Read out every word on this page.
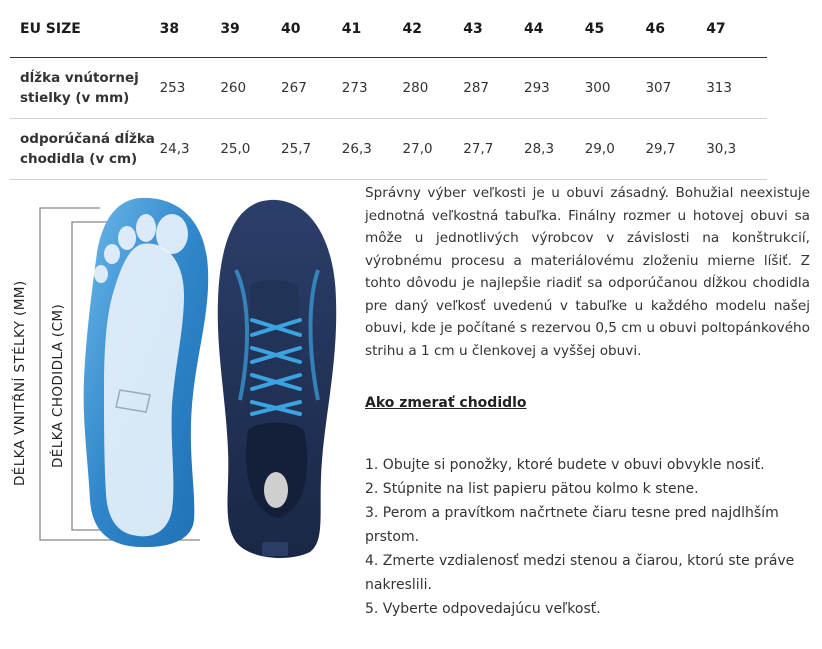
EU SIZE	38	39	40	41	42	43	44	45	46	47
dĺžka vnútornej
stielky (v mm)	253	260	267	273	280	287	293	300	307	313
odporúčaná dĺžka
chodidla (v cm)	24,3	25,0	25,7	26,3	27,0	27,7	28,3	29,0	29,7	30,3
DÉLKA VNITŘNÍ STÉLKY (MM) DÉLKA CHODIDLA (CM)

Správny výber veľkosti je u obuvi zásadný. Bohužial neexistuje jednotná veľkostná tabuľka. Finálny rozmer u hotovej obuvi sa môže u jednotlivých výrobcov v závislosti na konštrukcií, výrobnému procesu a materiálovému zloženiu mierne líšiť. Z tohto dôvodu je najlepšie riadiť sa odporúčanou dĺžkou chodidla pre daný veľkosť uvedenú v tabuľke u každého modelu našej obuvi, kde je počítané s rezervou 0,5 cm u obuvi poltopánkového strihu a 1 cm u členkovej a vyššej obuvi.

Ako zmerať chodidlo

1. Obujte si ponožky, ktoré budete v obuvi obvykle nosiť.
2. Stúpnite na list papieru pätou kolmo k stene.
3. Perom a pravítkom načrtnete čiaru tesne pred najdlhším prstom.
4. Zmerte vzdialenosť medzi stenou a čiarou, ktorú ste práve nakreslili.
5. Vyberte odpovedajúcu veľkosť.
